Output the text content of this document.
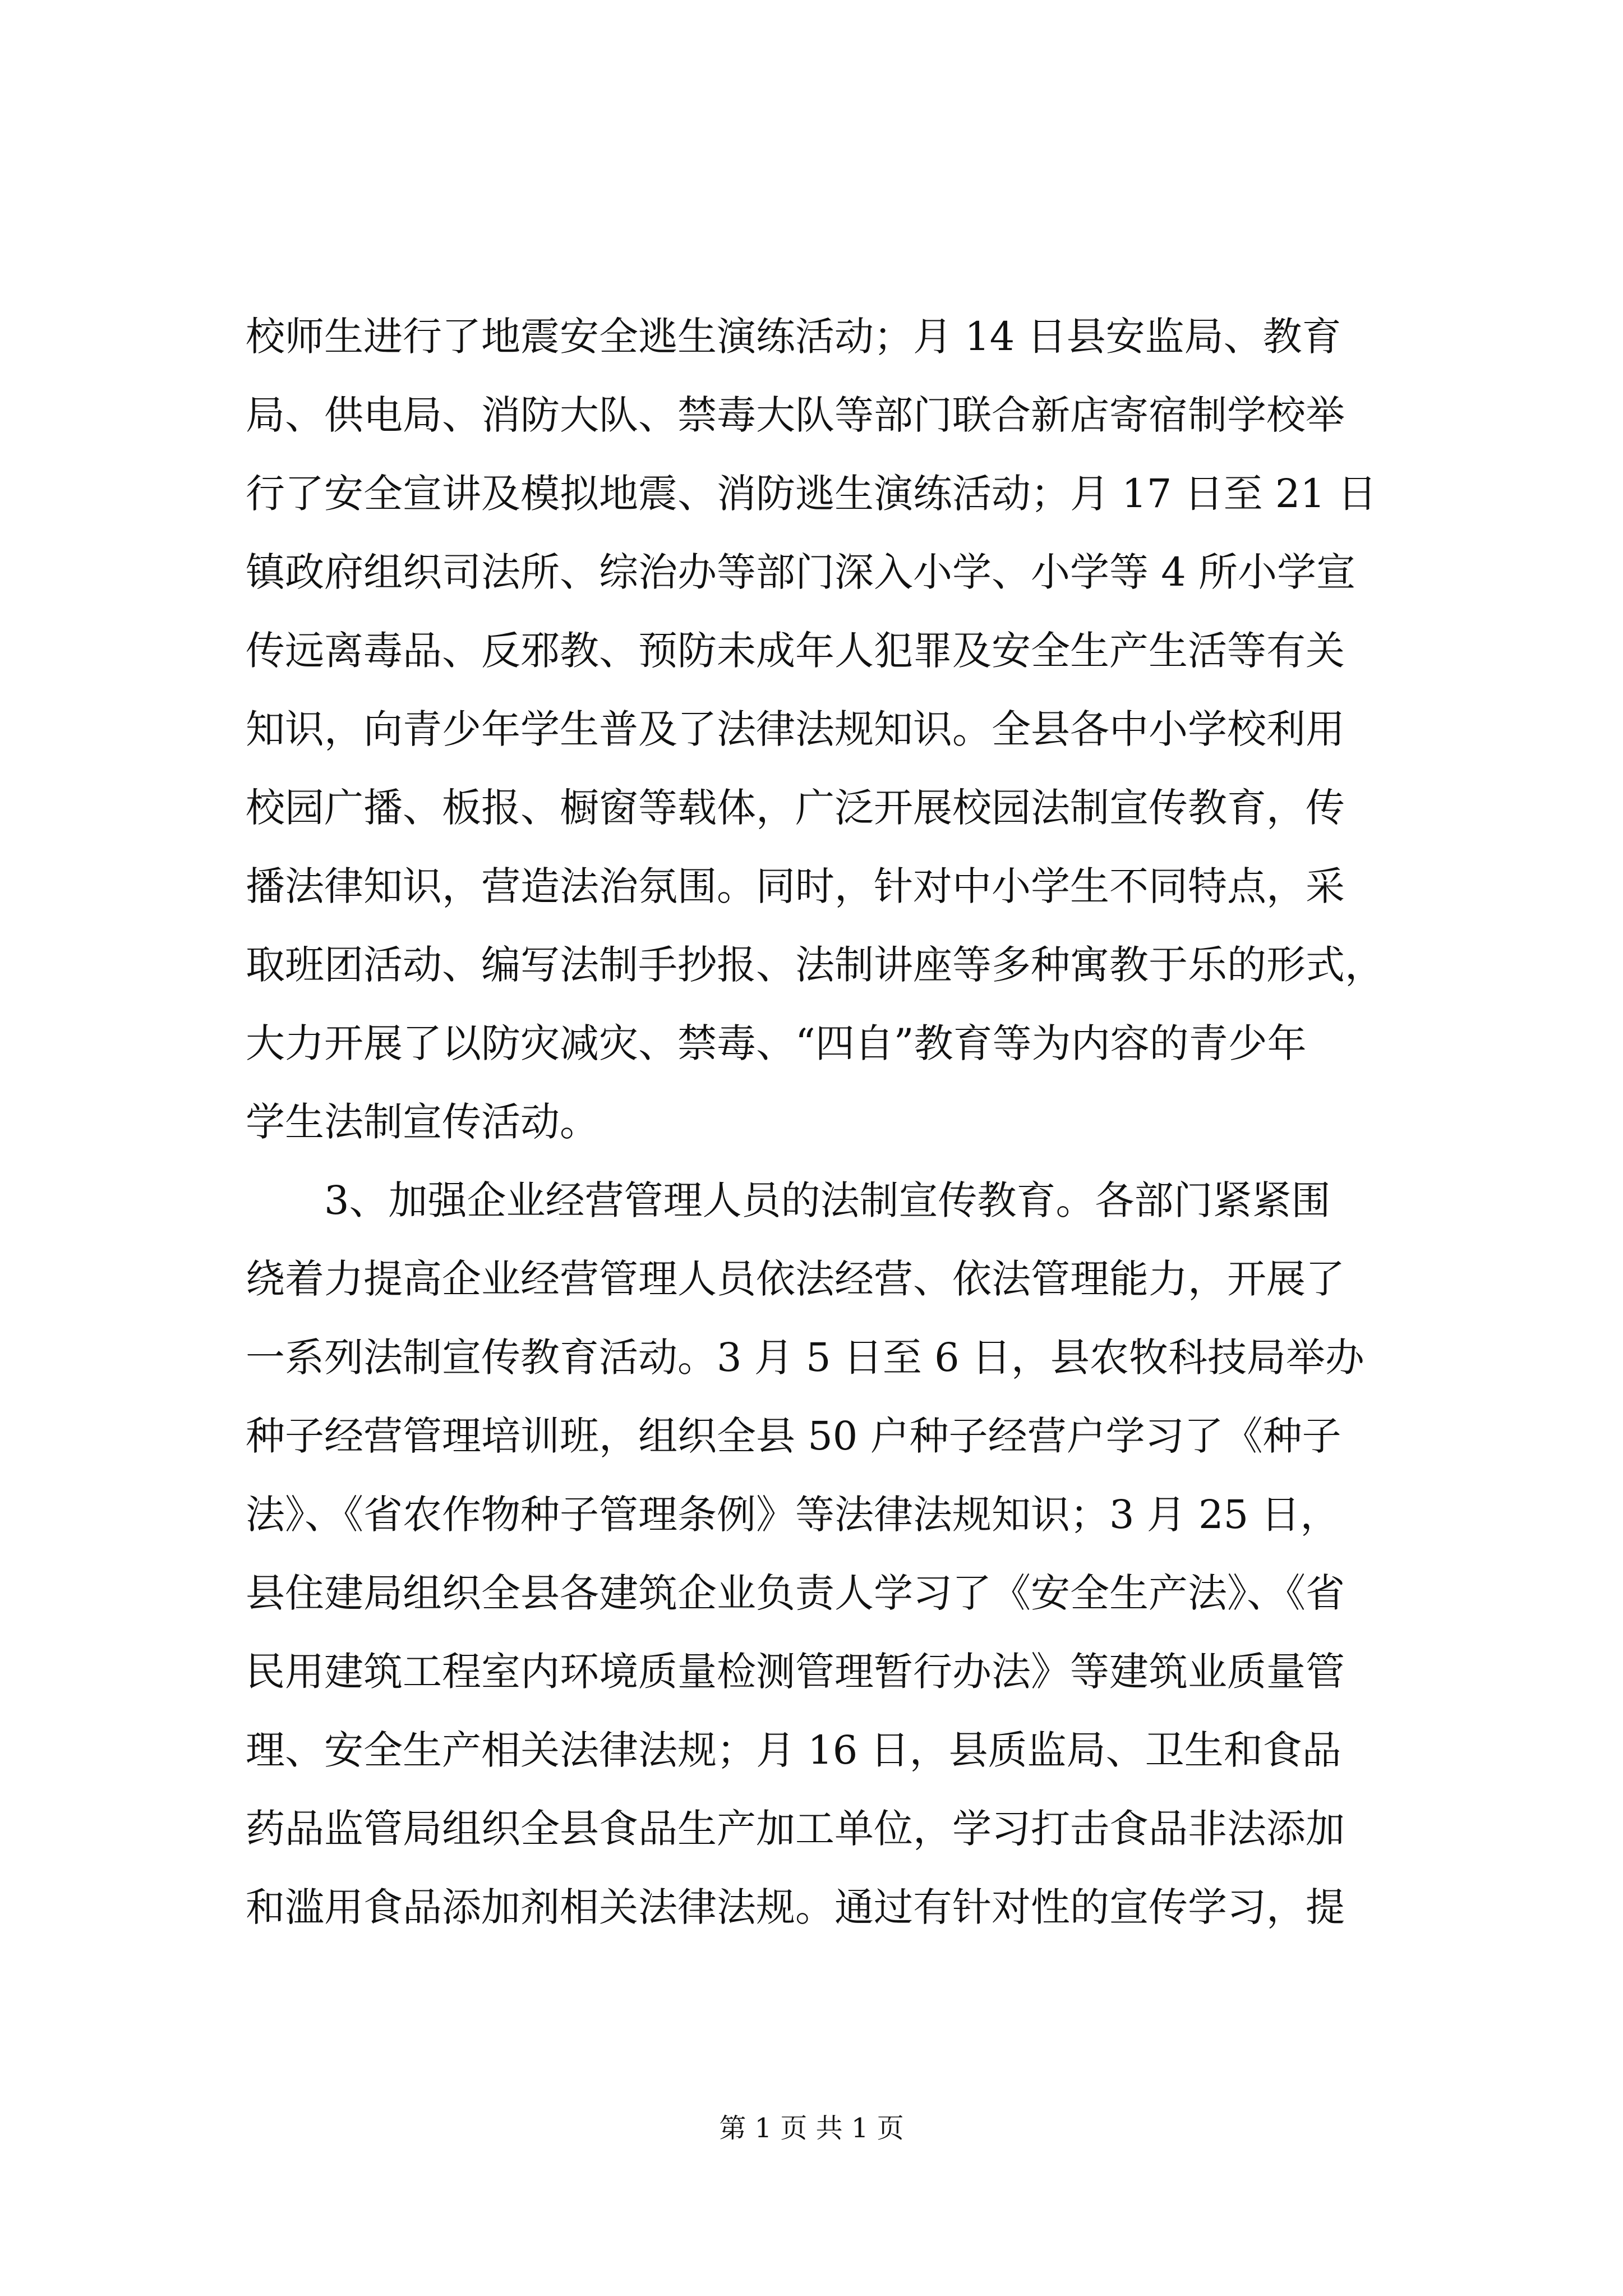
校师生进行了地震安全逃生演练活动；月 14 日县安监局、教育
局、供电局、消防大队、禁毒大队等部门联合新店寄宿制学校举
行了安全宣讲及模拟地震、消防逃生演练活动；月 17 日至 21 日
镇政府组织司法所、综治办等部门深入小学、小学等 4 所小学宣
传远离毒品、反邪教、预防未成年人犯罪及安全生产生活等有关
知识，向青少年学生普及了法律法规知识。全县各中小学校利用
校园广播、板报、橱窗等载体，广泛开展校园法制宣传教育，传
播法律知识，营造法治氛围。同时，针对中小学生不同特点，采
取班团活动、编写法制手抄报、法制讲座等多种寓教于乐的形式，
大力开展了以防灾减灾、禁毒、“四自”教育等为内容的青少年
学生法制宣传活动。
3、加强企业经营管理人员的法制宣传教育。各部门紧紧围
绕着力提高企业经营管理人员依法经营、依法管理能力，开展了
一系列法制宣传教育活动。3 月 5 日至 6 日，县农牧科技局举办
种子经营管理培训班，组织全县 50 户种子经营户学习了《种子
法》、《省农作物种子管理条例》等法律法规知识；3 月 25 日，
县住建局组织全县各建筑企业负责人学习了《安全生产法》、《省
民用建筑工程室内环境质量检测管理暂行办法》等建筑业质量管
理、安全生产相关法律法规；月 16 日，县质监局、卫生和食品
药品监管局组织全县食品生产加工单位，学习打击食品非法添加
和滥用食品添加剂相关法律法规。通过有针对性的宣传学习，提
第 1 页 共 1 页
